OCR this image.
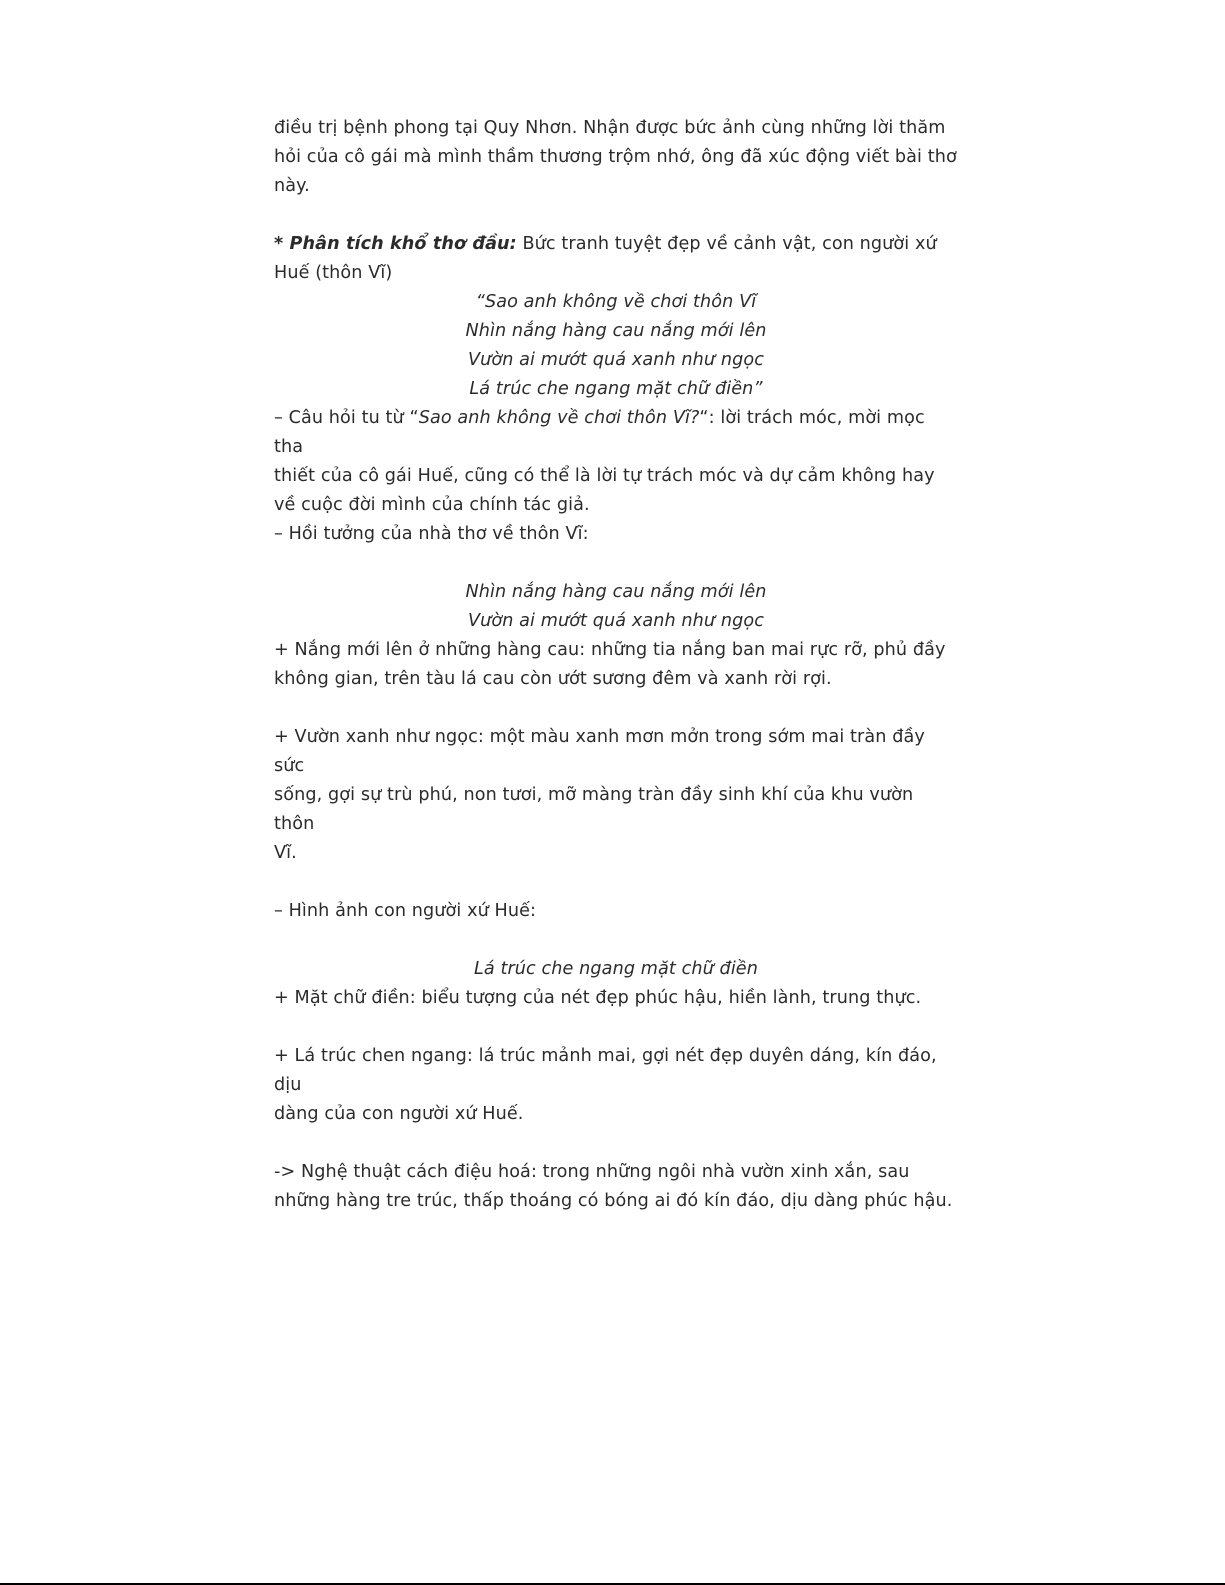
điều trị bệnh phong tại Quy Nhơn. Nhận được bức ảnh cùng những lời thăm

hỏi của cô gái mà mình thầm thương trộm nhớ, ông đã xúc động viết bài thơ

này.

* Phân tích khổ thơ đầu: Bức tranh tuyệt đẹp về cảnh vật, con người xứ

Huế (thôn Vĩ)

“Sao anh không về chơi thôn Vĩ

Nhìn nắng hàng cau nắng mới lên

Vườn ai mướt quá xanh như ngọc

Lá trúc che ngang mặt chữ điền”

– Câu hỏi tu từ “Sao anh không về chơi thôn Vĩ?“: lời trách móc, mời mọc tha

thiết của cô gái Huế, cũng có thể là lời tự trách móc và dự cảm không hay

về cuộc đời mình của chính tác giả.

– Hồi tưởng của nhà thơ về thôn Vĩ:

Nhìn nắng hàng cau nắng mới lên

Vườn ai mướt quá xanh như ngọc

+ Nắng mới lên ở những hàng cau: những tia nắng ban mai rực rỡ, phủ đầy

không gian, trên tàu lá cau còn ướt sương đêm và xanh rời rợi.

+ Vườn xanh như ngọc: một màu xanh mơn mởn trong sớm mai tràn đầy sức

sống, gợi sự trù phú, non tươi, mỡ màng tràn đầy sinh khí của khu vườn thôn

Vĩ.

– Hình ảnh con người xứ Huế:

Lá trúc che ngang mặt chữ điền

+ Mặt chữ điền: biểu tượng của nét đẹp phúc hậu, hiền lành, trung thực.

+ Lá trúc chen ngang: lá trúc mảnh mai, gợi nét đẹp duyên dáng, kín đáo, dịu

dàng của con người xứ Huế.

-> Nghệ thuật cách điệu hoá: trong những ngôi nhà vườn xinh xắn, sau

những hàng tre trúc, thấp thoáng có bóng ai đó kín đáo, dịu dàng phúc hậu.
